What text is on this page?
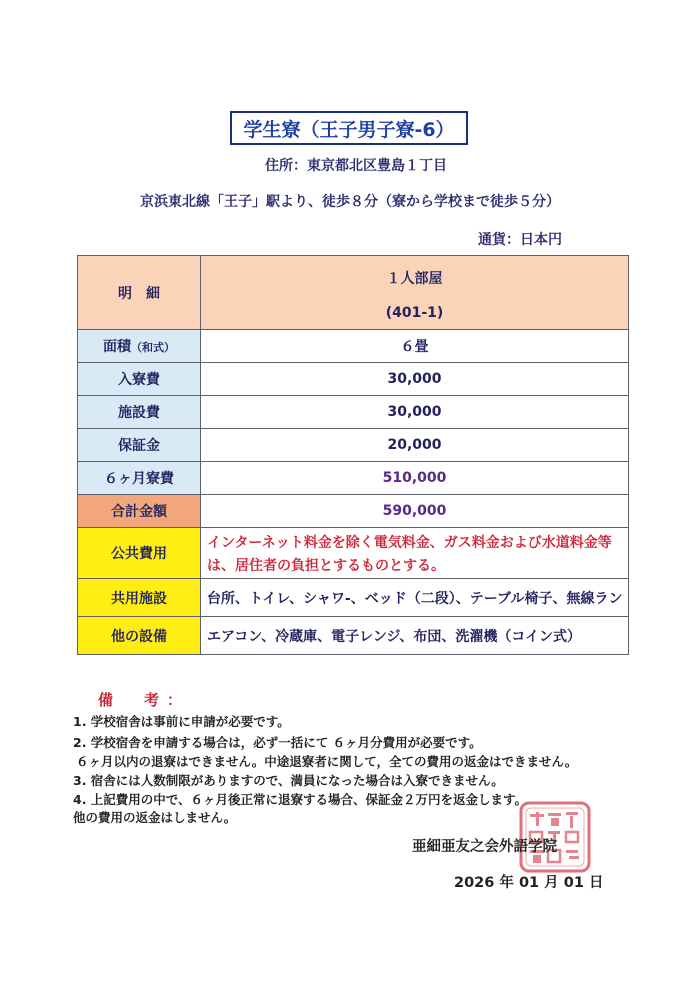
学生寮（王子男子寮-6）
住所：東京都北区豊島１丁目
京浜東北線「王子」駅より、徒歩８分（寮から学校まで徒歩５分）
通貨：日本円
明　細	１人部屋
(401-1)

面積（和式）	６畳
入寮費	30,000
施設費	30,000
保証金	20,000
６ヶ月寮費	510,000
合計金額	590,000
公共費用	インターネット料金を除く電気料金、ガス料金および水道料金等
は、居住者の負担とするものとする。

共用施設	台所、トイレ、シャワ-、ベッド（二段）、テーブル椅子、無線ラン
他の設備	エアコン、冷蔵庫、電子レンジ、布団、洗濯機（コイン式）
備　考：
1. 学校宿舎は事前に申請が必要です。
2. 学校宿舎を申請する場合は，必ず一括にて ６ヶ月分費用が必要です。
６ヶ月以内の退寮はできません。中途退寮者に関して，全ての費用の返金はできません。
3. 宿舎には人数制限がありますので、満員になった場合は入寮できません。
4. 上記費用の中で、６ヶ月後正常に退寮する場合、保証金２万円を返金します。
他の費用の返金はしません。
亜細亜友之会外語学院
2026 年 01 月 01 日
